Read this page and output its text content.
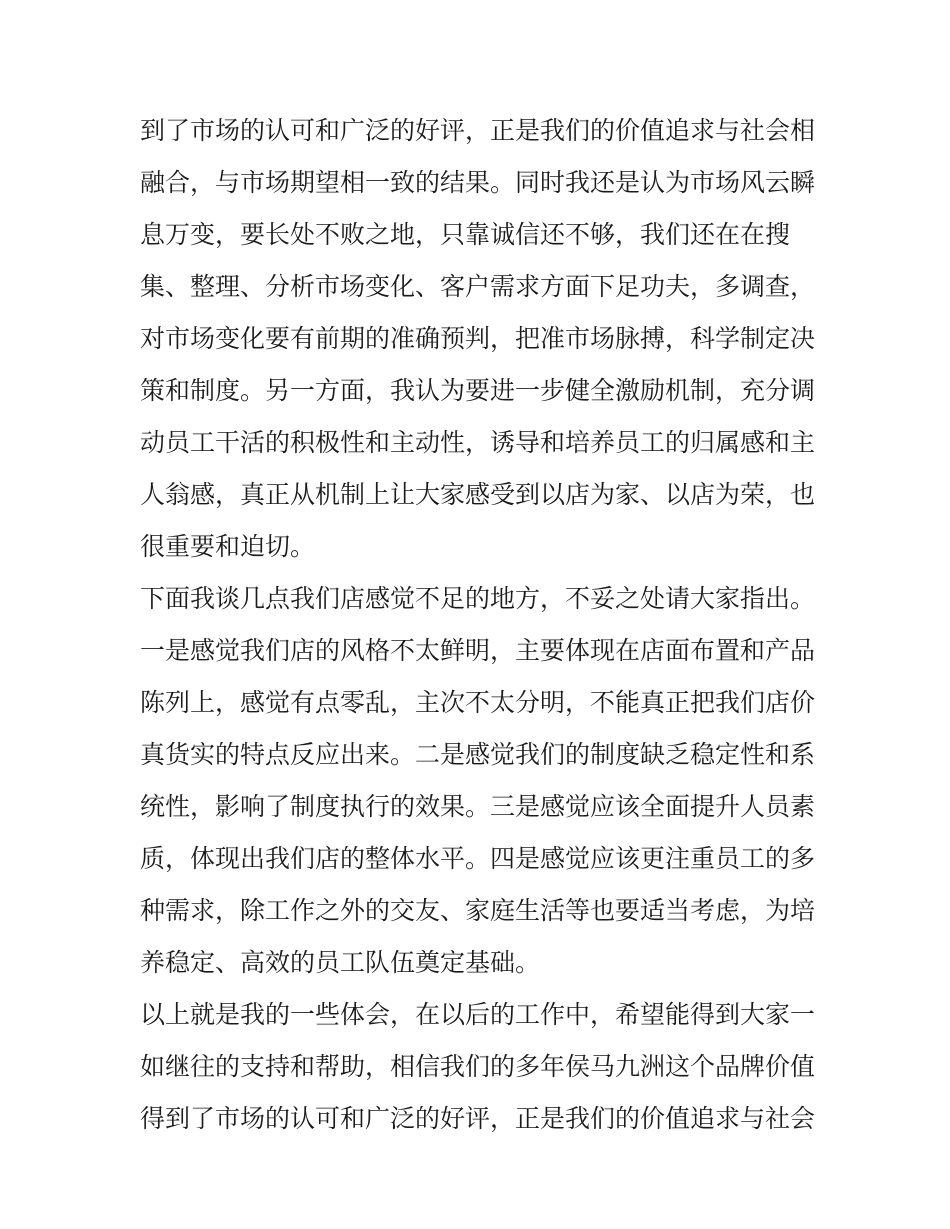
到了市场的认可和广泛的好评，正是我们的价值追求与社会相
融合，与市场期望相一致的结果。同时我还是认为市场风云瞬
息万变，要长处不败之地，只靠诚信还不够，我们还在在搜
集、整理、分析市场变化、客户需求方面下足功夫，多调查，
对市场变化要有前期的准确预判，把准市场脉搏，科学制定决
策和制度。另一方面，我认为要进一步健全激励机制，充分调
动员工干活的积极性和主动性，诱导和培养员工的归属感和主
人翁感，真正从机制上让大家感受到以店为家、以店为荣，也
很重要和迫切。
下面我谈几点我们店感觉不足的地方，不妥之处请大家指出。
一是感觉我们店的风格不太鲜明，主要体现在店面布置和产品
陈列上，感觉有点零乱，主次不太分明，不能真正把我们店价
真货实的特点反应出来。二是感觉我们的制度缺乏稳定性和系
统性，影响了制度执行的效果。三是感觉应该全面提升人员素
质，体现出我们店的整体水平。四是感觉应该更注重员工的多
种需求，除工作之外的交友、家庭生活等也要适当考虑，为培
养稳定、高效的员工队伍奠定基础。
以上就是我的一些体会，在以后的工作中，希望能得到大家一
如继往的支持和帮助，相信我们的多年侯马九洲这个品牌价值
得到了市场的认可和广泛的好评，正是我们的价值追求与社会
